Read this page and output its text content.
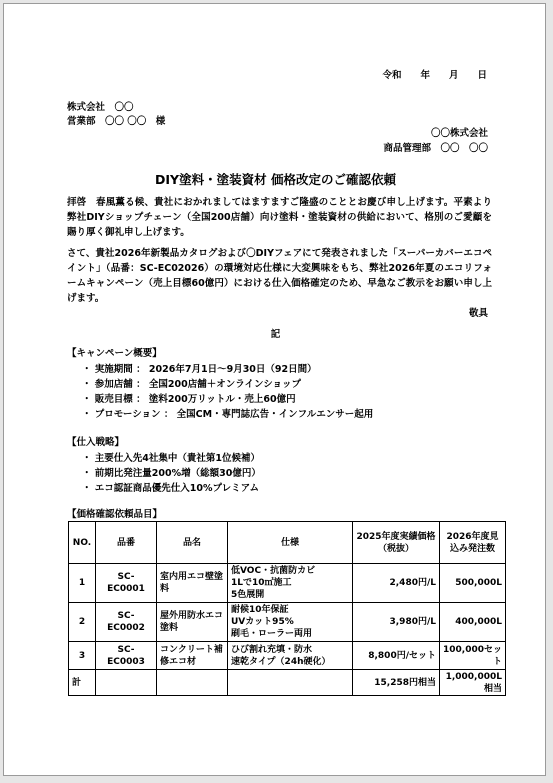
令和　　年　　月　　日
株式会社　〇〇
営業部　〇〇 〇〇　様
〇〇株式会社
商品管理部　〇〇　〇〇
DIY塗料・塗装資材 価格改定のご確認依頼
拝啓　春風薫る候、貴社におかれましてはますますご隆盛のこととお慶び申し上げます。平素より弊社DIYショップチェーン（全国200店舗）向け塗料・塗装資材の供給において、格別のご愛顧を賜り厚く御礼申し上げます。
さて、貴社2026年新製品カタログおよび〇DIYフェアにて発表されました「スーパーカバーエコペイント」（品番：SC-EC02026）の環境対応仕様に大変興味をもち、弊社2026年夏のエコリフォームキャンペーン（売上目標60億円）における仕入価格確定のため、早急なご教示をお願い申し上げます。
敬具
記
【キャンペーン概要】
・ 実施期間 ： 2026年7月1日〜9月30日（92日間）
・ 参加店舗 ： 全国200店舗＋オンラインショップ
・ 販売目標 ： 塗料200万リットル・売上60億円
・ プロモーション ： 全国CM・専門誌広告・インフルエンサー起用
【仕入戦略】
・ 主要仕入先4社集中（貴社第1位候補）
・ 前期比発注量200%増（総額30億円）
・ エコ認証商品優先仕入10%プレミアム
【価格確認依頼品目】
NO.	品番	品名	仕様	2025年度実績価格（税抜）	2026年度見込み発注数
1	SC-EC0001	室内用エコ壁塗料	低VOC・抗菌防カビ
1Lで10㎡施工
5色展開	2,480円/L	500,000L
2	SC-EC0002	屋外用防水エコ塗料	耐候10年保証
UVカット95%
刷毛・ローラー両用	3,980円/L	400,000L
3	SC-EC0003	コンクリート補修エコ材	ひび割れ充填・防水
速乾タイプ（24h硬化）	8,800円/セット	100,000セット
計				15,258円相当	1,000,000L相当
